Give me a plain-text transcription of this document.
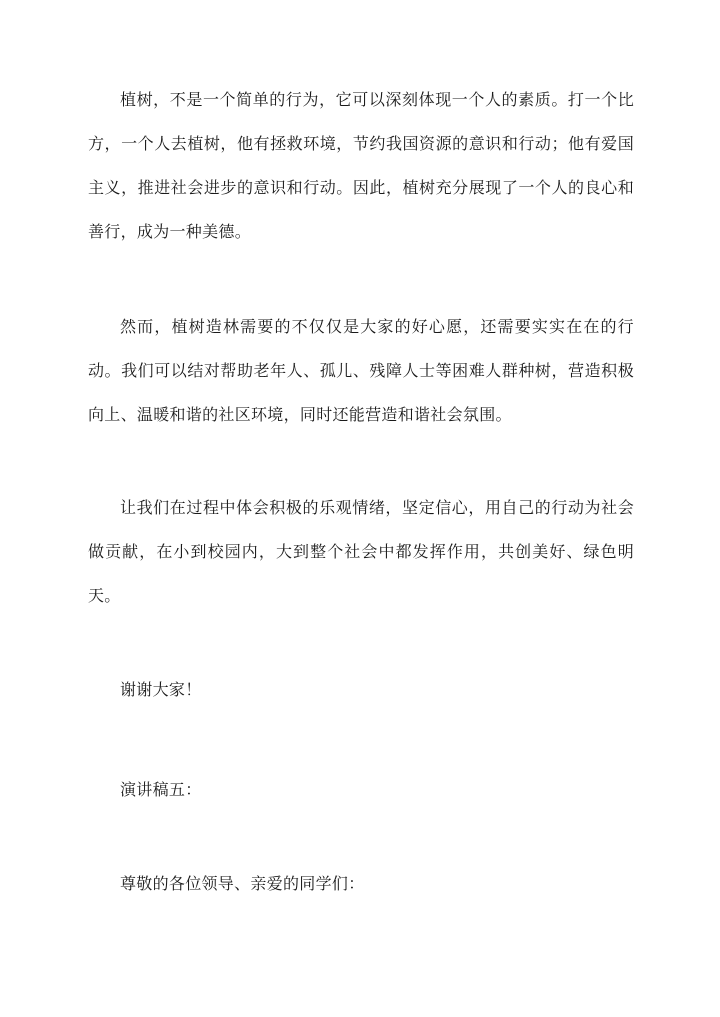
植树，不是一个简单的行为，它可以深刻体现一个人的素质。打一个比方，一个人去植树，他有拯救环境，节约我国资源的意识和行动；他有爱国主义，推进社会进步的意识和行动。因此，植树充分展现了一个人的良心和善行，成为一种美德。

然而，植树造林需要的不仅仅是大家的好心愿，还需要实实在在的行动。我们可以结对帮助老年人、孤儿、残障人士等困难人群种树，营造积极向上、温暖和谐的社区环境，同时还能营造和谐社会氛围。

让我们在过程中体会积极的乐观情绪，坚定信心，用自己的行动为社会做贡献，在小到校园内，大到整个社会中都发挥作用，共创美好、绿色明天。

谢谢大家！

演讲稿五：

尊敬的各位领导、亲爱的同学们：
